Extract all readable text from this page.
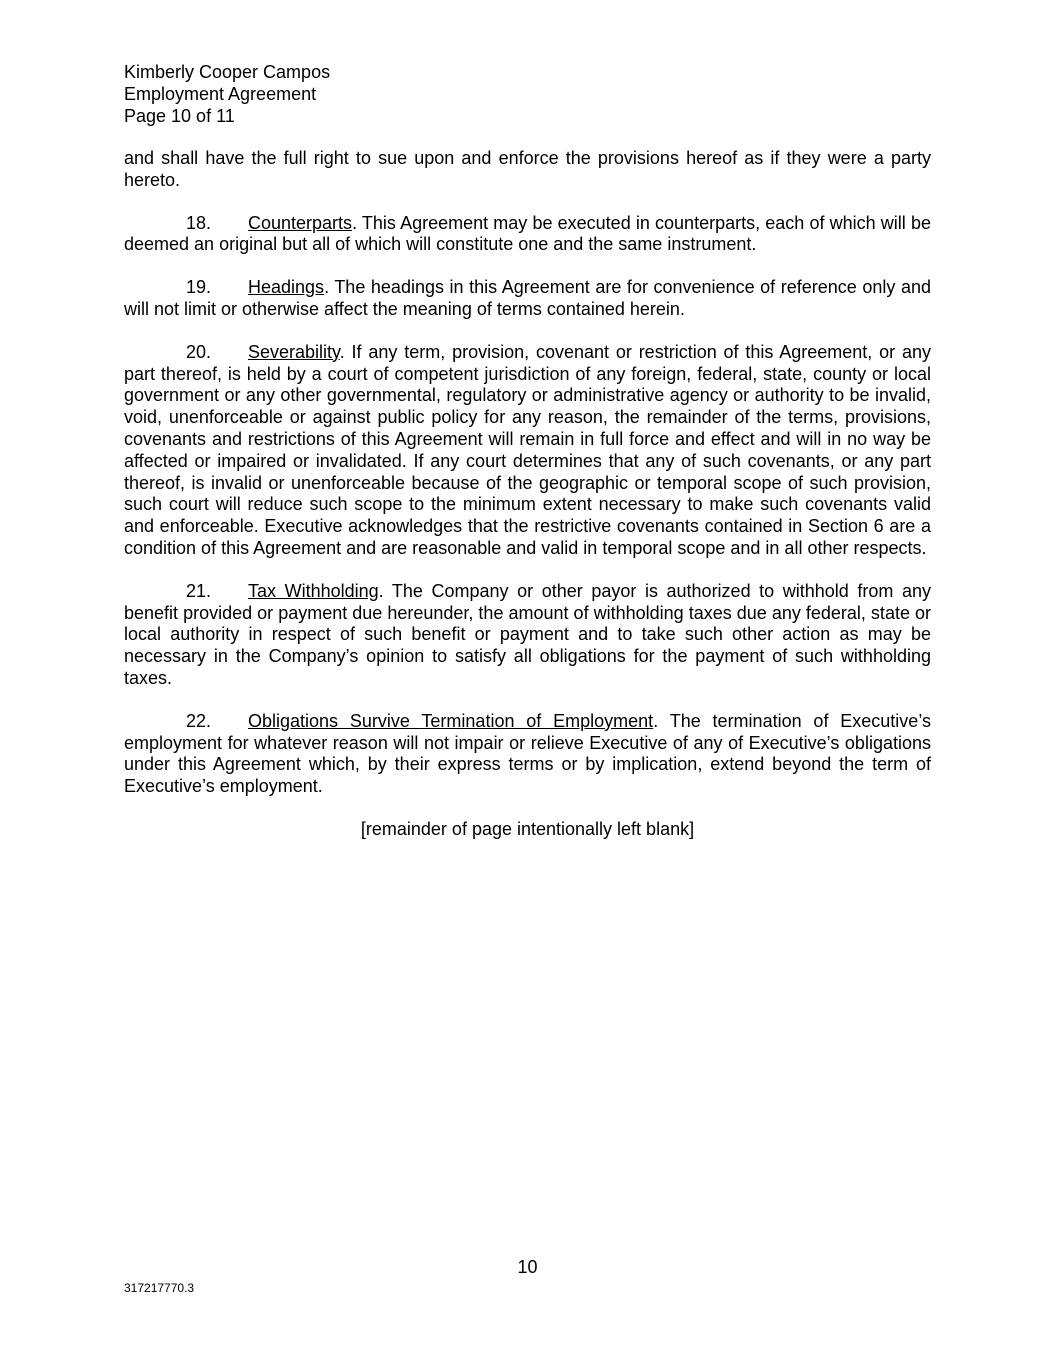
Kimberly Cooper Campos
Employment Agreement
Page 10 of 11

and shall have the full right to sue upon and enforce the provisions hereof as if they were a party hereto.

18. Counterparts. This Agreement may be executed in counterparts, each of which will be deemed an original but all of which will constitute one and the same instrument.

19. Headings. The headings in this Agreement are for convenience of reference only and will not limit or otherwise affect the meaning of terms contained herein.

20. Severability. If any term, provision, covenant or restriction of this Agreement, or any part thereof, is held by a court of competent jurisdiction of any foreign, federal, state, county or local government or any other governmental, regulatory or administrative agency or authority to be invalid, void, unenforceable or against public policy for any reason, the remainder of the terms, provisions, covenants and restrictions of this Agreement will remain in full force and effect and will in no way be affected or impaired or invalidated. If any court determines that any of such covenants, or any part thereof, is invalid or unenforceable because of the geographic or temporal scope of such provision, such court will reduce such scope to the minimum extent necessary to make such covenants valid and enforceable. Executive acknowledges that the restrictive covenants contained in Section 6 are a condition of this Agreement and are reasonable and valid in temporal scope and in all other respects.

21. Tax Withholding. The Company or other payor is authorized to withhold from any benefit provided or payment due hereunder, the amount of withholding taxes due any federal, state or local authority in respect of such benefit or payment and to take such other action as may be necessary in the Company’s opinion to satisfy all obligations for the payment of such withholding taxes.

22. Obligations Survive Termination of Employment. The termination of Executive’s employment for whatever reason will not impair or relieve Executive of any of Executive’s obligations under this Agreement which, by their express terms or by implication, extend beyond the term of Executive’s employment.

[remainder of page intentionally left blank]

10
317217770.3
